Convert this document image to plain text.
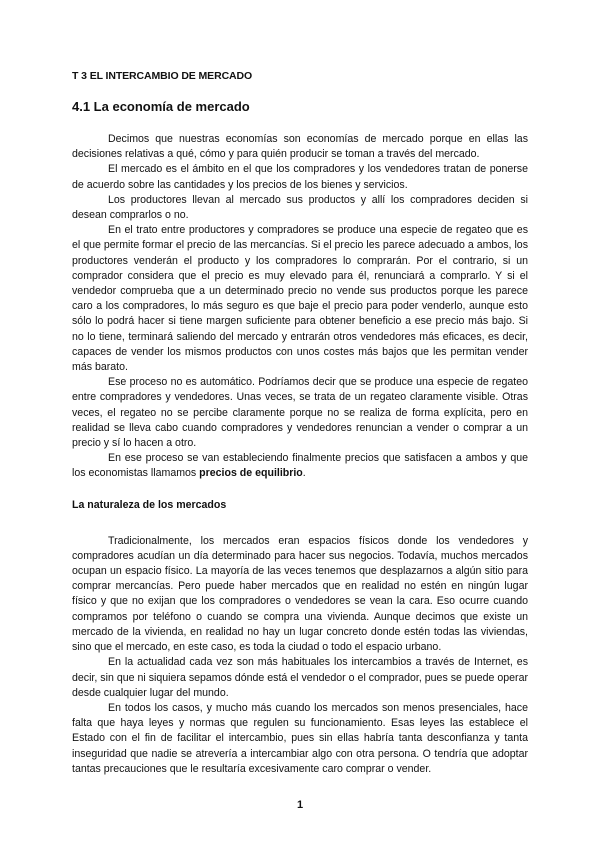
T 3 EL INTERCAMBIO DE MERCADO
4.1 La economía de mercado

Decimos que nuestras economías son economías de mercado porque en ellas las decisiones relativas a qué, cómo y para quién producir se toman a través del mercado.

El mercado es el ámbito en el que los compradores y los vendedores tratan de ponerse de acuerdo sobre las cantidades y los precios de los bienes y servicios.

Los productores llevan al mercado sus productos y allí los compradores deciden si desean comprarlos o no.

En el trato entre productores y compradores se produce una especie de regateo que es el que permite formar el precio de las mercancías. Si el precio les parece adecuado a ambos, los productores venderán el producto y los compradores lo comprarán. Por el contrario, si un comprador considera que el precio es muy elevado para él, renunciará a comprarlo. Y si el vendedor comprueba que a un determinado precio no vende sus productos porque les parece caro a los compradores, lo más seguro es que baje el precio para poder venderlo, aunque esto sólo lo podrá hacer si tiene margen suficiente para obtener beneficio a ese precio más bajo. Si no lo tiene, terminará saliendo del mercado y entrarán otros vendedores más eficaces, es decir, capaces de vender los mismos productos con unos costes más bajos que les permitan vender más barato.

Ese proceso no es automático. Podríamos decir que se produce una especie de regateo entre compradores y vendedores. Unas veces, se trata de un regateo claramente visible. Otras veces, el regateo no se percibe claramente porque no se realiza de forma explícita, pero en realidad se lleva cabo cuando compradores y vendedores renuncian a vender o comprar a un precio y sí lo hacen a otro.

En ese proceso se van estableciendo finalmente precios que satisfacen a ambos y que los economistas llamamos precios de equilibrio.

La naturaleza de los mercados

Tradicionalmente, los mercados eran espacios físicos donde los vendedores y compradores acudían un día determinado para hacer sus negocios. Todavía, muchos mercados ocupan un espacio físico. La mayoría de las veces tenemos que desplazarnos a algún sitio para comprar mercancías. Pero puede haber mercados que en realidad no estén en ningún lugar físico y que no exijan que los compradores o vendedores se vean la cara. Eso ocurre cuando compramos por teléfono o cuando se compra una vivienda. Aunque decimos que existe un mercado de la vivienda, en realidad no hay un lugar concreto donde estén todas las viviendas, sino que el mercado, en este caso, es toda la ciudad o todo el espacio urbano.

En la actualidad cada vez son más habituales los intercambios a través de Internet, es decir, sin que ni siquiera sepamos dónde está el vendedor o el comprador, pues se puede operar desde cualquier lugar del mundo.

En todos los casos, y mucho más cuando los mercados son menos presenciales, hace falta que haya leyes y normas que regulen su funcionamiento. Esas leyes las establece el Estado con el fin de facilitar el intercambio, pues sin ellas habría tanta desconfianza y tanta inseguridad que nadie se atrevería a intercambiar algo con otra persona. O tendría que adoptar tantas precauciones que le resultaría excesivamente caro comprar o vender.

1
